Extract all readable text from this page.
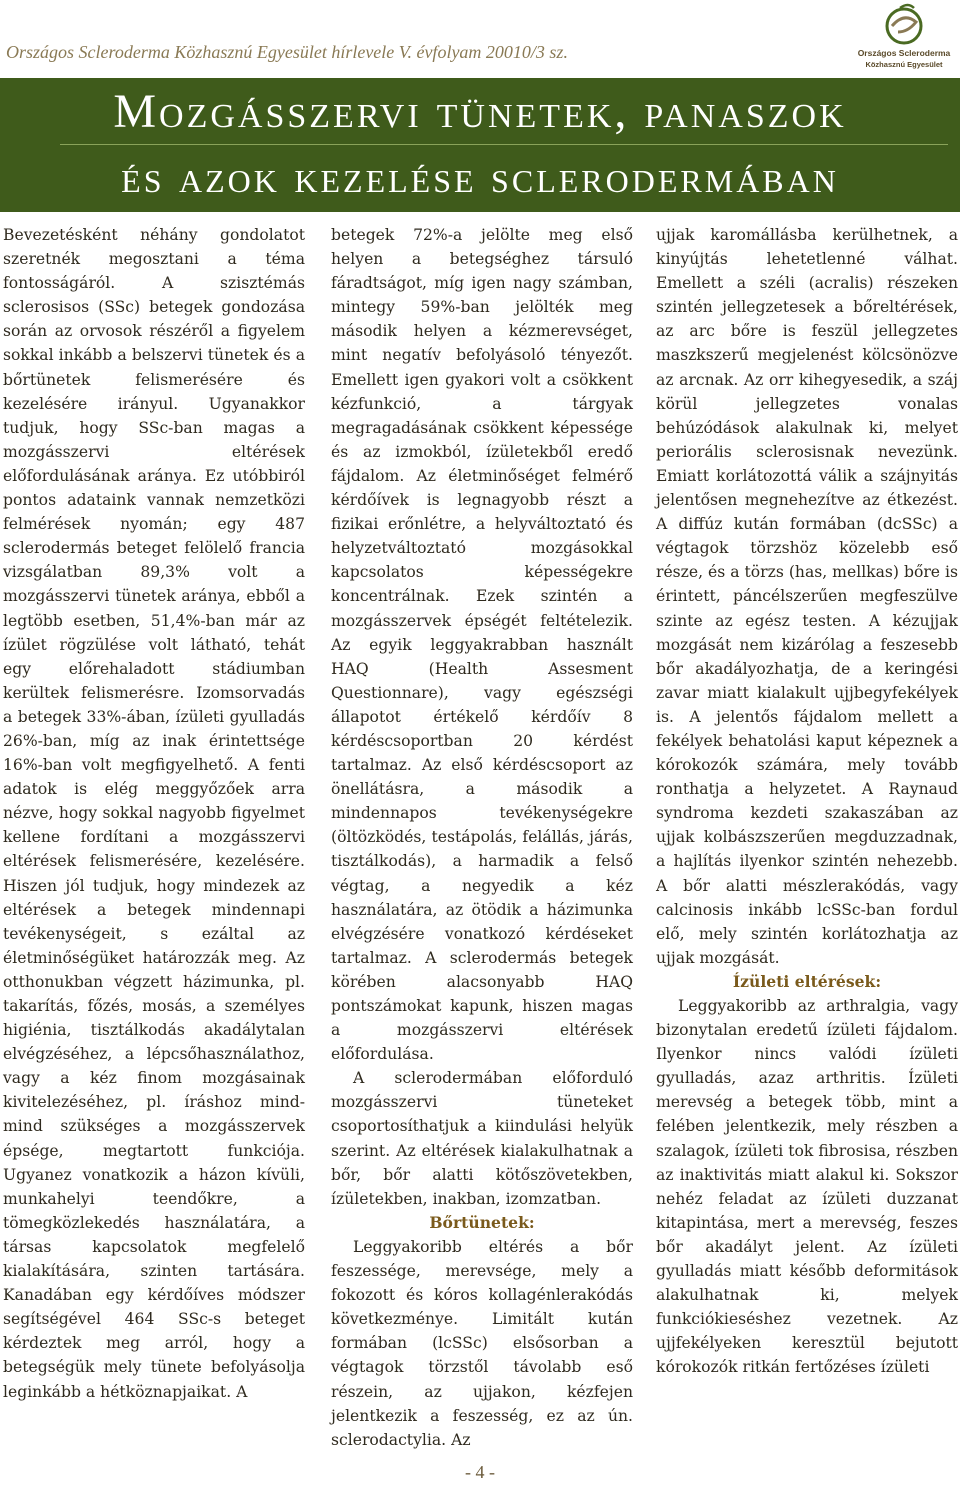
Országos Scleroderma Közhasznú Egyesület hírlevele V. évfolyam 20010/3 sz.	Országos Scleroderma
Közhasznú Egyesület
Mozgásszervi tünetek, panaszok
és azok kezelése sclerodermában

Bevezetésként néhány gondolatot szeretnék megosztani a téma fontosságáról. A szisztémás sclerosisos (SSc) betegek gondozása során az orvosok részéről a figyelem sokkal inkább a belszervi tünetek és a bőrtünetek felismerésére és kezelésére irányul. Ugyanakkor tudjuk, hogy SSc-ban magas a mozgásszervi eltérések előfordulásának aránya. Ez utóbbiról pontos adataink vannak nemzetközi felmérések nyomán; egy 487 sclerodermás beteget felölelő francia vizsgálatban 89,3% volt a mozgásszervi tünetek aránya, ebből a legtöbb esetben, 51,4%-ban már az ízület rögzülése volt látható, tehát egy előrehaladott stádiumban kerültek felismerésre. Izomsorvadás a betegek 33%-ában, ízületi gyulladás 26%-ban, míg az inak érintettsége 16%-ban volt megfigyelhető. A fenti adatok is elég meggyőzőek arra nézve, hogy sokkal nagyobb figyelmet kellene fordítani a mozgásszervi eltérések felismerésére, kezelésére. Hiszen jól tudjuk, hogy mindezek az eltérések a betegek mindennapi tevékenységeit, s ezáltal az életminőségüket határozzák meg. Az otthonukban végzett házimunka, pl. takarítás, főzés, mosás, a személyes higiénia, tisztálkodás akadálytalan elvégzéséhez, a lépcsőhasználathoz, vagy a kéz finom mozgásainak kivitelezéséhez, pl. íráshoz mind-mind szükséges a mozgásszervek épsége, megtartott funkciója. Ugyanez vonatkozik a házon kívüli, munkahelyi teendőkre, a tömegközlekedés használatára, a társas kapcsolatok megfelelő kialakítására, szinten tartására. Kanadában egy kérdőíves módszer segítségével 464 SSc-s beteget kérdeztek meg arról, hogy a betegségük mely tünete befolyásolja leginkább a hétköznapjaikat. A

betegek 72%-a jelölte meg első helyen a betegséghez társuló fáradtságot, míg igen nagy számban, mintegy 59%-ban jelölték meg második helyen a kézmerevséget, mint negatív befolyásoló tényezőt. Emellett igen gyakori volt a csökkent kézfunkció, a tárgyak megragadásának csökkent képessége és az izmokból, ízületekből eredő fájdalom. Az életminőséget felmérő kérdőívek is legnagyobb részt a fizikai erőnlétre, a helyváltoztató és helyzetváltoztató mozgásokkal kapcsolatos képességekre koncentrálnak. Ezek szintén a mozgásszervek épségét feltételezik. Az egyik leggyakrabban használt HAQ (Health Assesment Questionnare), vagy egészségi állapotot értékelő kérdőív 8 kérdéscsoportban 20 kérdést tartalmaz. Az első kérdéscsoport az önellátásra, a második a mindennapos tevékenységekre (öltözködés, testápolás, felállás, járás, tisztálkodás), a harmadik a felső végtag, a negyedik a kéz használatára, az ötödik a házimunka elvégzésére vonatkozó kérdéseket tartalmaz. A sclerodermás betegek körében alacsonyabb HAQ pontszámokat kapunk, hiszen magas a mozgásszervi eltérések előfordulása.

A sclerodermában előforduló mozgásszervi tüneteket csoportosíthatjuk a kiindulási helyük szerint. Az eltérések kialakulhatnak a bőr, bőr alatti kötőszövetekben, ízületekben, inakban, izomzatban.

Bőrtünetek:

Leggyakoribb eltérés a bőr feszessége, merevsége, mely a fokozott és kóros kollagénlerakódás következménye. Limitált kután formában (lcSSc) elsősorban a végtagok törzstől távolabb eső részein, az ujjakon, kézfejen jelentkezik a feszesség, ez az ún. sclerodactylia. Az

ujjak karomállásba kerülhetnek, a kinyújtás lehetetlenné válhat. Emellett a széli (acralis) részeken szintén jellegzetesek a bőreltérések, az arc bőre is feszül jellegzetes maszkszerű megjelenést kölcsönözve az arcnak. Az orr kihegyesedik, a száj körül jellegzetes vonalas behúzódások alakulnak ki, melyet periorális sclerosisnak nevezünk. Emiatt korlátozottá válik a szájnyitás jelentősen megnehezítve az étkezést. A diffúz kután formában (dcSSc) a végtagok törzshöz közelebb eső része, és a törzs (has, mellkas) bőre is érintett, páncélszerűen megfeszülve szinte az egész testen. A kézujjak mozgását nem kizárólag a feszesebb bőr akadályozhatja, de a keringési zavar miatt kialakult ujjbegyfekélyek is. A jelentős fájdalom mellett a fekélyek behatolási kaput képeznek a kórokozók számára, mely tovább ronthatja a helyzetet. A Raynaud syndroma kezdeti szakaszában az ujjak kolbászszerűen megduzzadnak, a hajlítás ilyenkor szintén nehezebb. A bőr alatti mészlerakódás, vagy calcinosis inkább lcSSc-ban fordul elő, mely szintén korlátozhatja az ujjak mozgását.

Ízületi eltérések:

Leggyakoribb az arthralgia, vagy bizonytalan eredetű ízületi fájdalom. Ilyenkor nincs valódi ízületi gyulladás, azaz arthritis. Ízületi merevség a betegek több, mint a felében jelentkezik, mely részben a szalagok, ízületi tok fibrosisa, részben az inaktivitás miatt alakul ki. Sokszor nehéz feladat az ízületi duzzanat kitapintása, mert a merevség, feszes bőr akadályt jelent. Az ízületi gyulladás miatt később deformitások alakulhatnak ki, melyek funkciókieséshez vezetnek. Az ujjfekélyeken keresztül bejutott kórokozók ritkán fertőzéses ízületi

- 4 -
